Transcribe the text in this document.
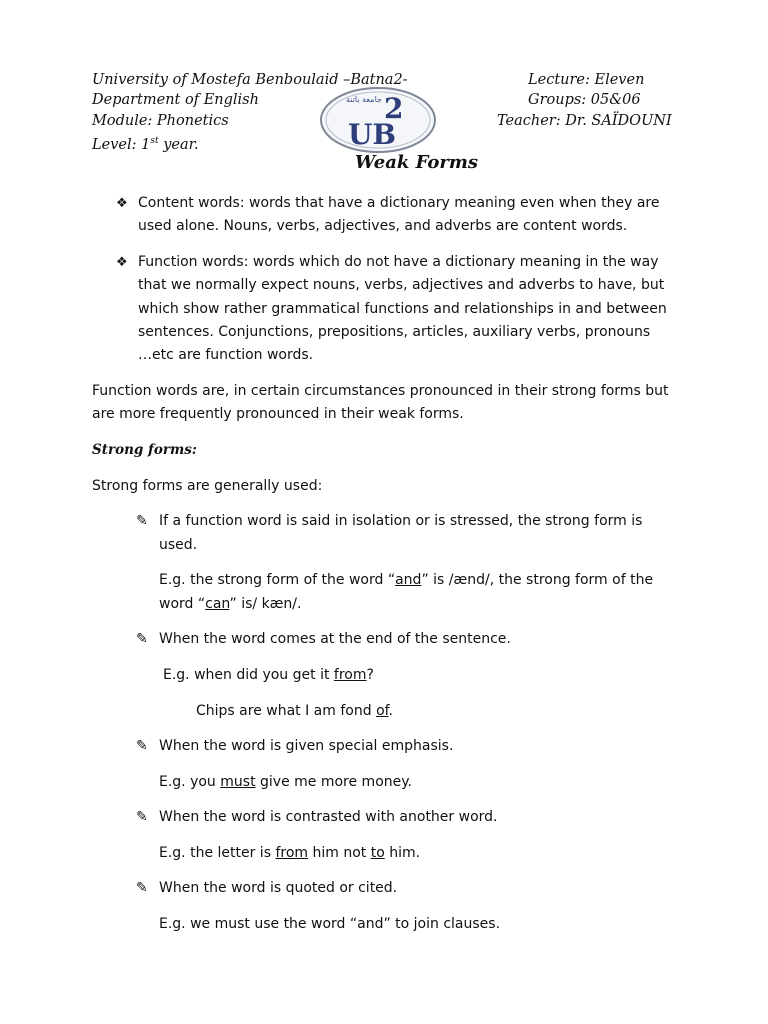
University of Mostefa Benboulaid –Batna2-
Department of English
Module: Phonetics
Level: 1st year.
Lecture: Eleven
Groups: 05&06
Teacher: Dr. SAÏDOUNI
جامعة باتنة 2
UB
Weak Forms
❖ Content words: words that have a dictionary meaning even when they are
used alone. Nouns, verbs, adjectives, and adverbs are content words.
❖ Function words: words which do not have a dictionary meaning in the way
that we normally expect nouns, verbs, adjectives and adverbs to have, but
which show rather grammatical functions and relationships in and between
sentences. Conjunctions, prepositions, articles, auxiliary verbs, pronouns
…etc are function words.
Function words are, in certain circumstances pronounced in their strong forms but
are more frequently pronounced in their weak forms.
Strong forms:
Strong forms are generally used:
✎ If a function word is said in isolation or is stressed, the strong form is
used.
E.g. the strong form of the word “and” is /ænd/, the strong form of the
word “can” is/ kæn/.
✎ When the word comes at the end of the sentence.
E.g. when did you get it from?
Chips are what I am fond of.
✎ When the word is given special emphasis.
E.g. you must give me more money.
✎ When the word is contrasted with another word.
E.g. the letter is from him not to him.
✎ When the word is quoted or cited.
E.g. we must use the word “and” to join clauses.
